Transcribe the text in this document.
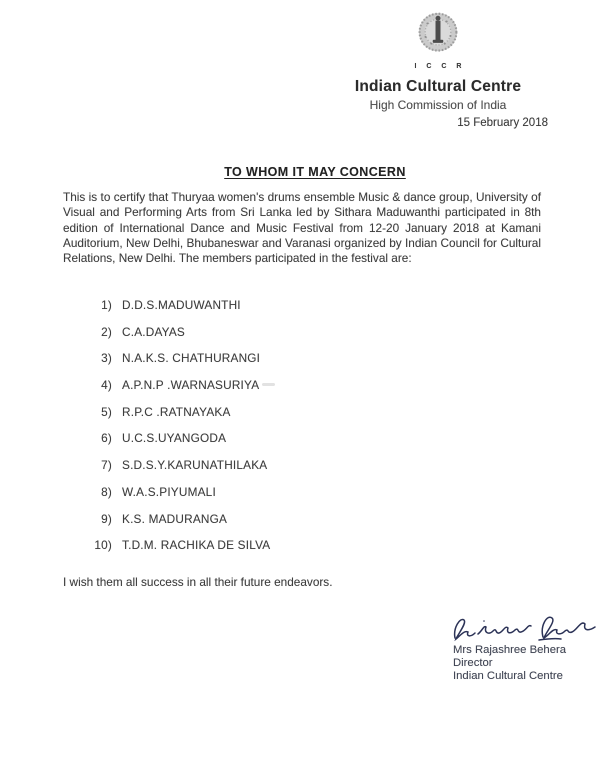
I C C R
Indian Cultural Centre
High Commission of India
15 February 2018
TO WHOM IT MAY CONCERN
This is to certify that Thuryaa women's drums ensemble Music & dance group, University of Visual and Performing Arts from Sri Lanka led by Sithara Maduwanthi participated in 8th edition of International Dance and Music Festival from 12-20 January 2018 at Kamani Auditorium, New Delhi, Bhubaneswar and Varanasi organized by Indian Council for Cultural Relations, New Delhi. The members participated in the festival are:
1) D.D.S.MADUWANTHI
2) C.A.DAYAS
3) N.A.K.S. CHATHURANGI
4) A.P.N.P .WARNASURIYA
5) R.P.C .RATNAYAKA
6) U.C.S.UYANGODA
7) S.D.S.Y.KARUNATHILAKA
8) W.A.S.PIYUMALI
9) K.S. MADURANGA
10) T.D.M. RACHIKA DE SILVA
I wish them all success in all their future endeavors.
Mrs Rajashree Behera
Director
Indian Cultural Centre
